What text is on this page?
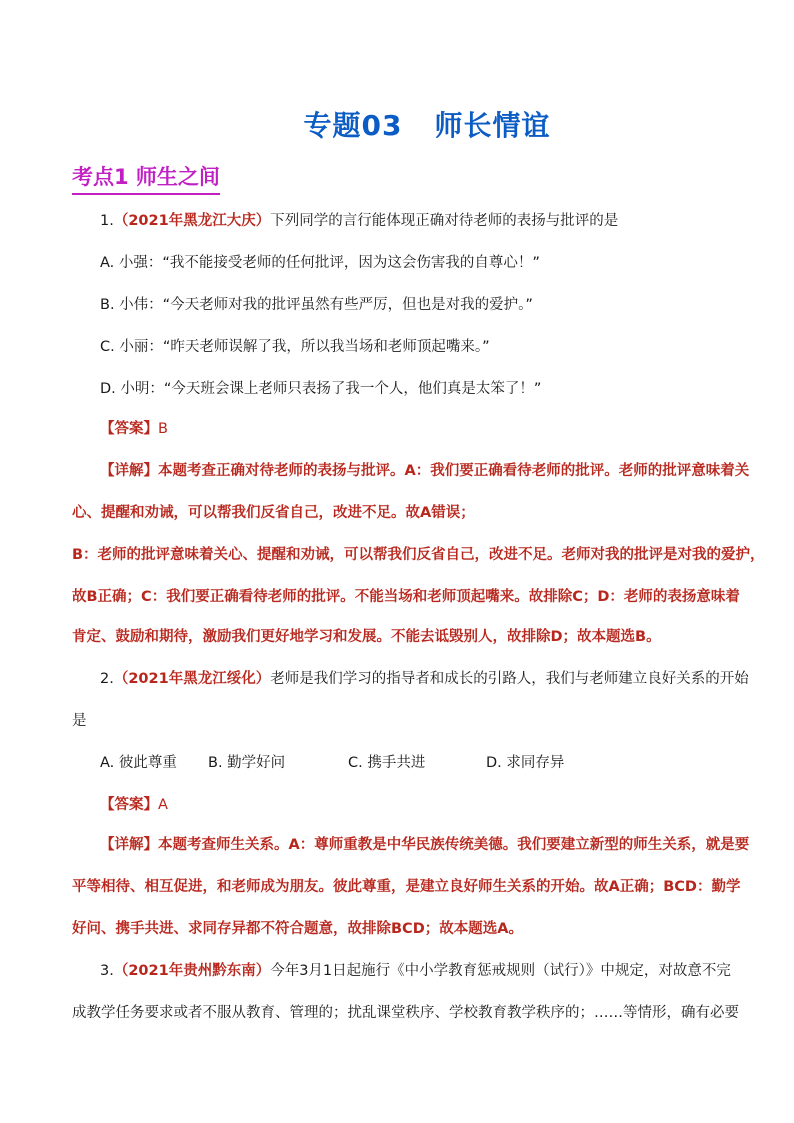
专题03 师长情谊
考点1 师生之间
1.（2021年黑龙江大庆）下列同学的言行能体现正确对待老师的表扬与批评的是
A. 小强：“我不能接受老师的任何批评，因为这会伤害我的自尊心！”
B. 小伟：“今天老师对我的批评虽然有些严厉，但也是对我的爱护。”
C. 小丽：“昨天老师误解了我，所以我当场和老师顶起嘴来。”
D. 小明：“今天班会课上老师只表扬了我一个人，他们真是太笨了！”
【答案】B
【详解】本题考查正确对待老师的表扬与批评。A：我们要正确看待老师的批评。老师的批评意味着关
心、提醒和劝诫，可以帮我们反省自己，改进不足。故A错误；
B：老师的批评意味着关心、提醒和劝诫，可以帮我们反省自己，改进不足。老师对我的批评是对我的爱护，
故B正确；C：我们要正确看待老师的批评。不能当场和老师顶起嘴来。故排除C；D：老师的表扬意味着
肯定、鼓励和期待，激励我们更好地学习和发展。不能去诋毁别人，故排除D；故本题选B。
2.（2021年黑龙江绥化）老师是我们学习的指导者和成长的引路人，我们与老师建立良好关系的开始
是
A. 彼此尊重 B. 勤学好问	C. 携手共进	D. 求同存异
【答案】A
【详解】本题考查师生关系。A：尊师重教是中华民族传统美德。我们要建立新型的师生关系，就是要
平等相待、相互促进，和老师成为朋友。彼此尊重，是建立良好师生关系的开始。故A正确；BCD：勤学
好问、携手共进、求同存异都不符合题意，故排除BCD；故本题选A。
3.（2021年贵州黔东南）今年3月1日起施行《中小学教育惩戒规则（试行）》中规定，对故意不完
成教学任务要求或者不服从教育、管理的；扰乱课堂秩序、学校教育教学秩序的；……等情形，确有必要
